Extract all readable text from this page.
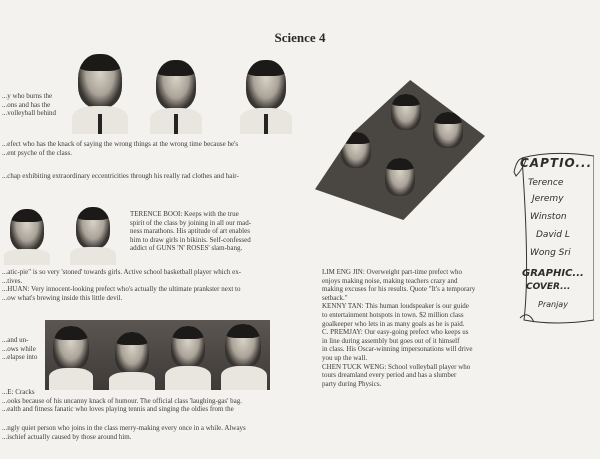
Science 4
...y who burns the
...ons and has the
...volleyball behind
...efect who has the knack of saying the wrong things at the wrong time because he's
...ent psyche of the class.
...chap exhibiting extraordinary eccentricities through his really rad clothes and hair-
TERENCE BOOI: Keeps with the true
spirit of the class by joining in all our mad-
ness marathons. His aptitude of art enables
him to draw girls in bikinis. Self-confessed
addict of GUNS 'N' ROSES' slam-bang.
...atic-pie" is so very 'stoned' towards girls. Active school basketball player which ex-
...tives.
...HUAN: Very innocent-looking prefect who's actually the ultimate prankster next to
...ow what's brewing inside this little devil.
...and un-
...ows while
...elapse into
...E: Cracks
...ooks because of his uncanny knack of humour. The official class 'laughing-gas' bag.
...ealth and fitness fanatic who loves playing tennis and singing the oldies from the
...ngly quiet person who joins in the class merry-making every once in a while. Always
...ischief actually caused by those around him.
LIM ENG JIN: Overweight part-time prefect who
enjoys making noise, making teachers crazy and
making excuses for his results. Quote "It's a temporary
setback."
KENNY TAN: This human loudspeaker is our guide
to entertainment hotspots in town. $2 million class
goalkeeper who lets in as many goals as he is paid.
C. PREMJAY: Our easy-going prefect who keeps us
in line during assembly but goes out of it himself
in class. His Oscar-winning impersonations will drive
you up the wall.
CHEN TUCK WENG: School volleyball player who
tours dreamland every period and has a slumber
party during Physics.
CAPTIO...
Terence
Jeremy
Winston
David L
Wong Sri
GRAPHIC...
COVER...
Pranjay
